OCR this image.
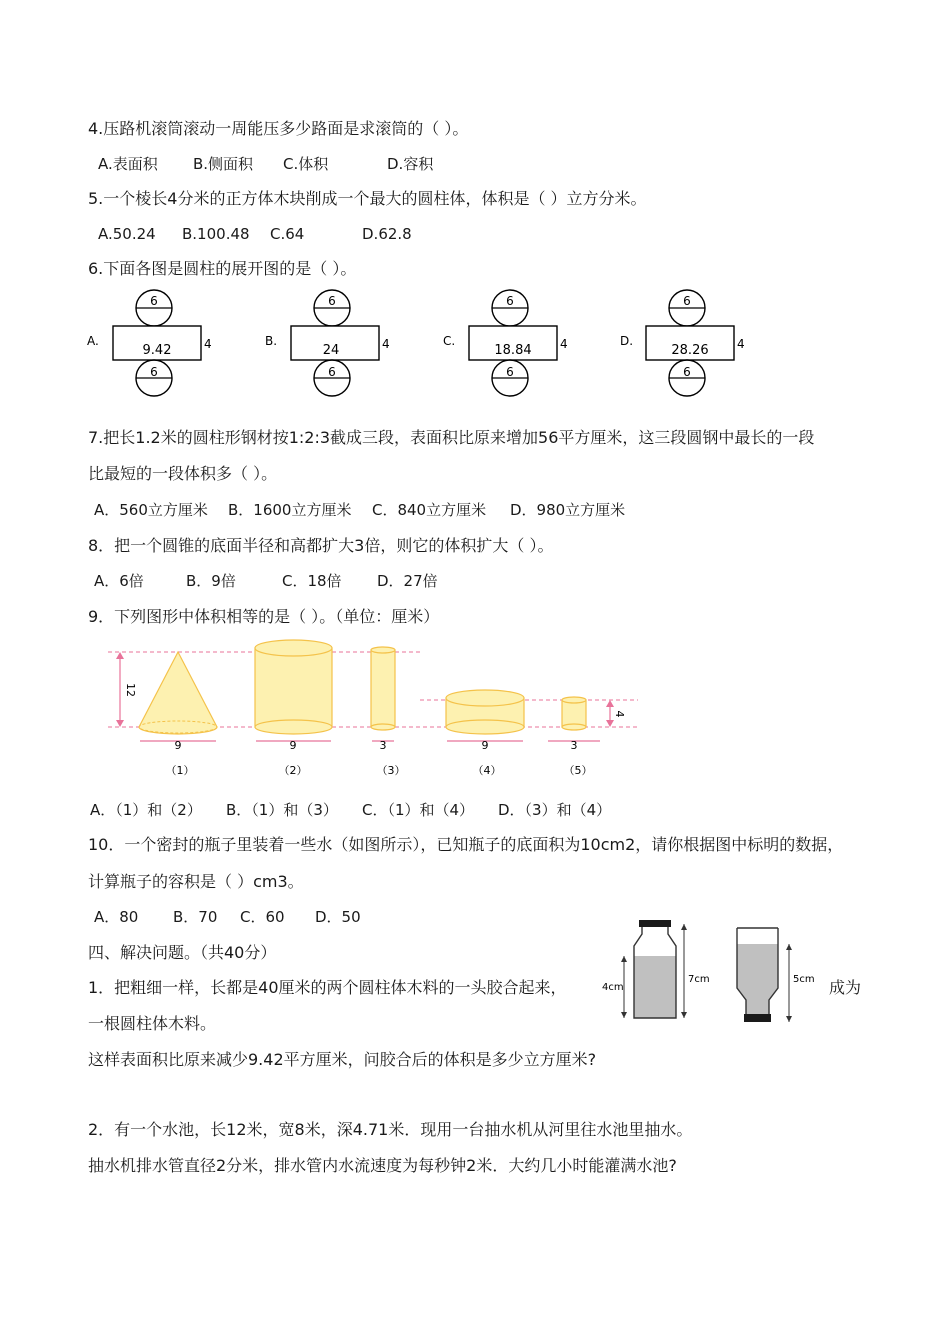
4.压路机滚筒滚动一周能压多少路面是求滚筒的（ ）。
A.表面积 B.侧面积 C.体积	D.容积
5.一个棱长4分米的正方体木块削成一个最大的圆柱体，体积是（ ）立方分米。
A.50.24 B.100.48 C.64	D.62.8
6.下面各图是圆柱的展开图的是（ ）。
A.
6
9.42	4
6
B.
6
24	4
6
C.
6
18.84 4
6
D.
6
28.26 4
6
7.把长1.2米的圆柱形钢材按1:2:3截成三段，表面积比原来增加56平方厘米，这三段圆钢中最长的一段
比最短的一段体积多（ ）。
A．560立方厘米 B．1600立方厘米 C．840立方厘米 D．980立方厘米
8．把一个圆锥的底面半径和高都扩大3倍，则它的体积扩大（ ）。
A．6倍	B．9倍	C．18倍 D．27倍
9．下列图形中体积相等的是（ ）。（单位：厘米）
12
4
9	9	3	9	3
（1）	（2）	（3）	（4）	（5）
A．（1）和（2） B．（1）和（3） C．（1）和（4） D．（3）和（4）
10．一个密封的瓶子里装着一些水（如图所示），已知瓶子的底面积为10cm2，请你根据图中标明的数据，
计算瓶子的容积是（ ）cm3。
A．80 B．70 C．60 D．50
4cm
7cm	5cm
四、解决问题。（共40分）
1．把粗细一样，长都是40厘米的两个圆柱体木料的一头胶合起来，	成为
一根圆柱体木料。
这样表面积比原来减少9.42平方厘米，问胶合后的体积是多少立方厘米?
2．有一个水池，长12米，宽8米，深4.71米．现用一台抽水机从河里往水池里抽水。
抽水机排水管直径2分米，排水管内水流速度为每秒钟2米．大约几小时能灌满水池?
